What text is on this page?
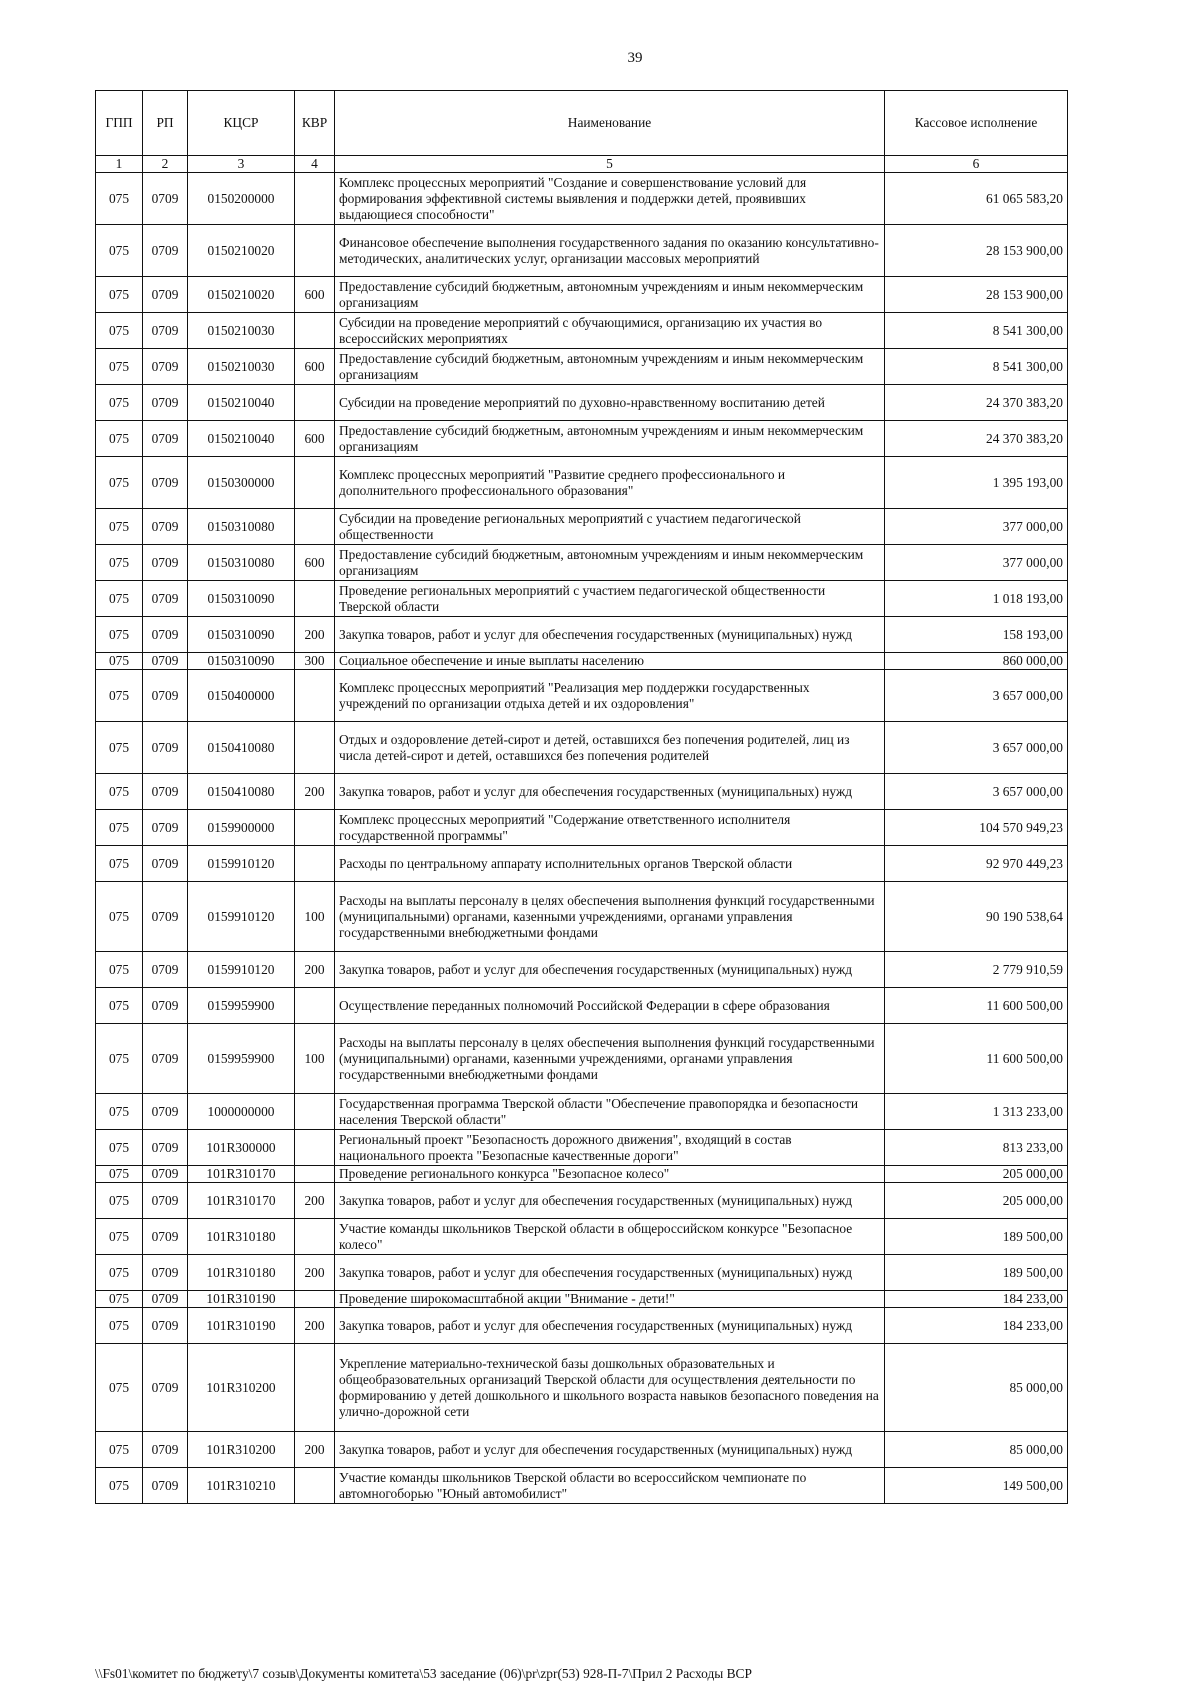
39
ГПП	РП	КЦСР	КВР	Наименование	Кассовое исполнение
1	2	3	4	5	6
075	0709	0150200000		Комплекс процессных мероприятий "Создание и совершенствование условий для формирования эффективной системы выявления и поддержки детей, проявивших выдающиеся способности"	61 065 583,20
075	0709	0150210020		Финансовое обеспечение выполнения государственного задания по оказанию консультативно-методических, аналитических услуг, организации массовых мероприятий	28 153 900,00
075	0709	0150210020	600	Предоставление субсидий бюджетным, автономным учреждениям и иным некоммерческим организациям	28 153 900,00
075	0709	0150210030		Субсидии на проведение мероприятий с обучающимися, организацию их участия во всероссийских мероприятиях	8 541 300,00
075	0709	0150210030	600	Предоставление субсидий бюджетным, автономным учреждениям и иным некоммерческим организациям	8 541 300,00
075	0709	0150210040		Субсидии на проведение мероприятий по духовно-нравственному воспитанию детей	24 370 383,20
075	0709	0150210040	600	Предоставление субсидий бюджетным, автономным учреждениям и иным некоммерческим организациям	24 370 383,20
075	0709	0150300000		Комплекс процессных мероприятий "Развитие среднего профессионального и дополнительного профессионального образования"	1 395 193,00
075	0709	0150310080		Субсидии на проведение региональных мероприятий с участием педагогической общественности	377 000,00
075	0709	0150310080	600	Предоставление субсидий бюджетным, автономным учреждениям и иным некоммерческим организациям	377 000,00
075	0709	0150310090		Проведение региональных мероприятий с участием педагогической общественности Тверской области	1 018 193,00
075	0709	0150310090	200	Закупка товаров, работ и услуг для обеспечения государственных (муниципальных) нужд	158 193,00
075	0709	0150310090	300	Социальное обеспечение и иные выплаты населению	860 000,00
075	0709	0150400000		Комплекс процессных мероприятий "Реализация мер поддержки государственных учреждений по организации отдыха детей и их оздоровления"	3 657 000,00
075	0709	0150410080		Отдых и оздоровление детей-сирот и детей, оставшихся без попечения родителей, лиц из числа детей-сирот и детей, оставшихся без попечения родителей	3 657 000,00
075	0709	0150410080	200	Закупка товаров, работ и услуг для обеспечения государственных (муниципальных) нужд	3 657 000,00
075	0709	0159900000		Комплекс процессных мероприятий "Содержание ответственного исполнителя государственной программы"	104 570 949,23
075	0709	0159910120		Расходы по центральному аппарату исполнительных органов Тверской области	92 970 449,23
075	0709	0159910120	100	Расходы на выплаты персоналу в целях обеспечения выполнения функций государственными (муниципальными) органами, казенными учреждениями, органами управления государственными внебюджетными фондами	90 190 538,64
075	0709	0159910120	200	Закупка товаров, работ и услуг для обеспечения государственных (муниципальных) нужд	2 779 910,59
075	0709	0159959900		Осуществление переданных полномочий Российской Федерации в сфере образования	11 600 500,00
075	0709	0159959900	100	Расходы на выплаты персоналу в целях обеспечения выполнения функций государственными (муниципальными) органами, казенными учреждениями, органами управления государственными внебюджетными фондами	11 600 500,00
075	0709	1000000000		Государственная программа Тверской области "Обеспечение правопорядка и безопасности населения Тверской области"	1 313 233,00
075	0709	101R300000		Региональный проект "Безопасность дорожного движения", входящий в состав национального проекта "Безопасные качественные дороги"	813 233,00
075	0709	101R310170		Проведение регионального конкурса "Безопасное колесо"	205 000,00
075	0709	101R310170	200	Закупка товаров, работ и услуг для обеспечения государственных (муниципальных) нужд	205 000,00
075	0709	101R310180		Участие команды школьников Тверской области в общероссийском конкурсе "Безопасное колесо"	189 500,00
075	0709	101R310180	200	Закупка товаров, работ и услуг для обеспечения государственных (муниципальных) нужд	189 500,00
075	0709	101R310190		Проведение широкомасштабной акции "Внимание - дети!"	184 233,00
075	0709	101R310190	200	Закупка товаров, работ и услуг для обеспечения государственных (муниципальных) нужд	184 233,00
075	0709	101R310200		Укрепление материально-технической базы дошкольных образовательных и общеобразовательных организаций Тверской области для осуществления деятельности по формированию у детей дошкольного и школьного возраста навыков безопасного поведения на улично-дорожной сети	85 000,00
075	0709	101R310200	200	Закупка товаров, работ и услуг для обеспечения государственных (муниципальных) нужд	85 000,00
075	0709	101R310210		Участие команды школьников Тверской области во всероссийском чемпионате по автомногоборью "Юный автомобилист"	149 500,00
\\Fs01\комитет по бюджету\7 созыв\Документы комитета\53 заседание (06)\pr\zpr(53) 928-П-7\Прил 2 Расходы ВСР
